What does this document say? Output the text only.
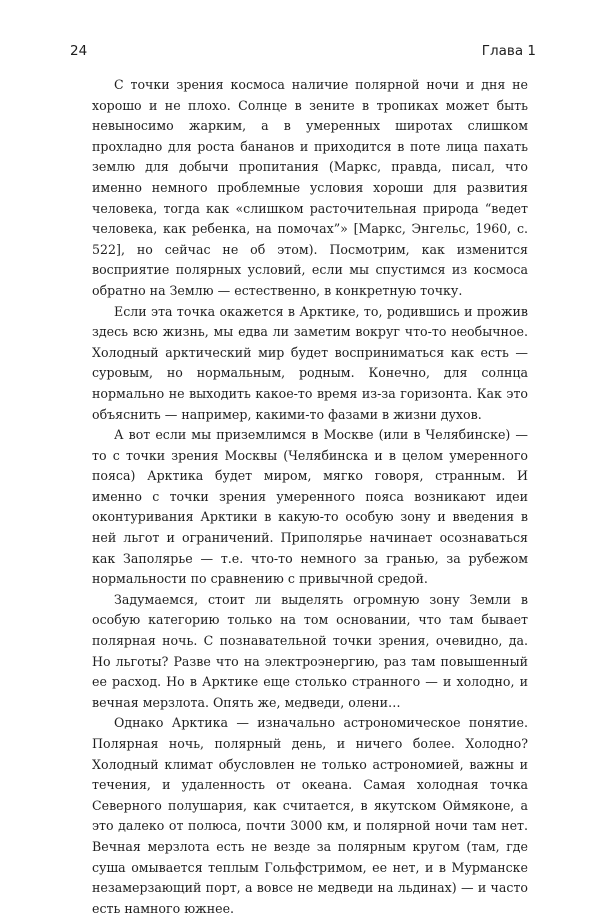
24	Глава 1

С точки зрения космоса наличие полярной ночи и дня не хорошо и не плохо. Солнце в зените в тропиках может быть невыносимо жарким, а в умеренных широтах слишком прохладно для роста бананов и приходится в поте лица пахать землю для добычи пропитания (Маркс, правда, писал, что именно немного проблемные условия хороши для развития человека, тогда как «слишком расточительная природа “ведет человека, как ребенка, на помочах”» [Маркс, Энгельс, 1960, с. 522], но сейчас не об этом). Посмотрим, как изменится восприятие полярных условий, если мы спустимся из космоса обратно на Землю — естественно, в конкретную точку.

Если эта точка окажется в Арктике, то, родившись и прожив здесь всю жизнь, мы едва ли заметим вокруг что-то необычное. Холодный арктический мир будет восприниматься как есть — суровым, но нормальным, родным. Конечно, для солнца нормально не выходить какое-то время из-за горизонта. Как это объяснить — например, какими-то фазами в жизни духов.

А вот если мы приземлимся в Москве (или в Челябинске) — то с точки зрения Москвы (Челябинска и в целом умеренного пояса) Арктика будет миром, мягко говоря, странным. И именно с точки зрения умеренного пояса возникают идеи оконтуривания Арктики в какую-то особую зону и введения в ней льгот и ограничений. Приполярье начинает осознаваться как Заполярье — т.е. что-то немного за гранью, за рубежом нормальности по сравнению с привычной средой.

Задумаемся, стоит ли выделять огромную зону Земли в особую категорию только на том основании, что там бывает полярная ночь. С познавательной точки зрения, очевидно, да. Но льготы? Разве что на электроэнергию, раз там повышенный ее расход. Но в Арктике еще столько странного — и холодно, и вечная мерзлота. Опять же, медведи, олени…

Однако Арктика — изначально астрономическое понятие. Полярная ночь, полярный день, и ничего более. Холодно? Холодный климат обусловлен не только астрономией, важны и течения, и удаленность от океана. Самая холодная точка Северного полушария, как считается, в якутском Оймяконе, а это далеко от полюса, почти 3000 км, и полярной ночи там нет. Вечная мерзлота есть не везде за полярным кругом (там, где суша омывается теплым Гольфстримом, ее нет, и в Мурманске незамерзающий порт, а вовсе не медведи на льдинах) — и часто есть намного южнее.
